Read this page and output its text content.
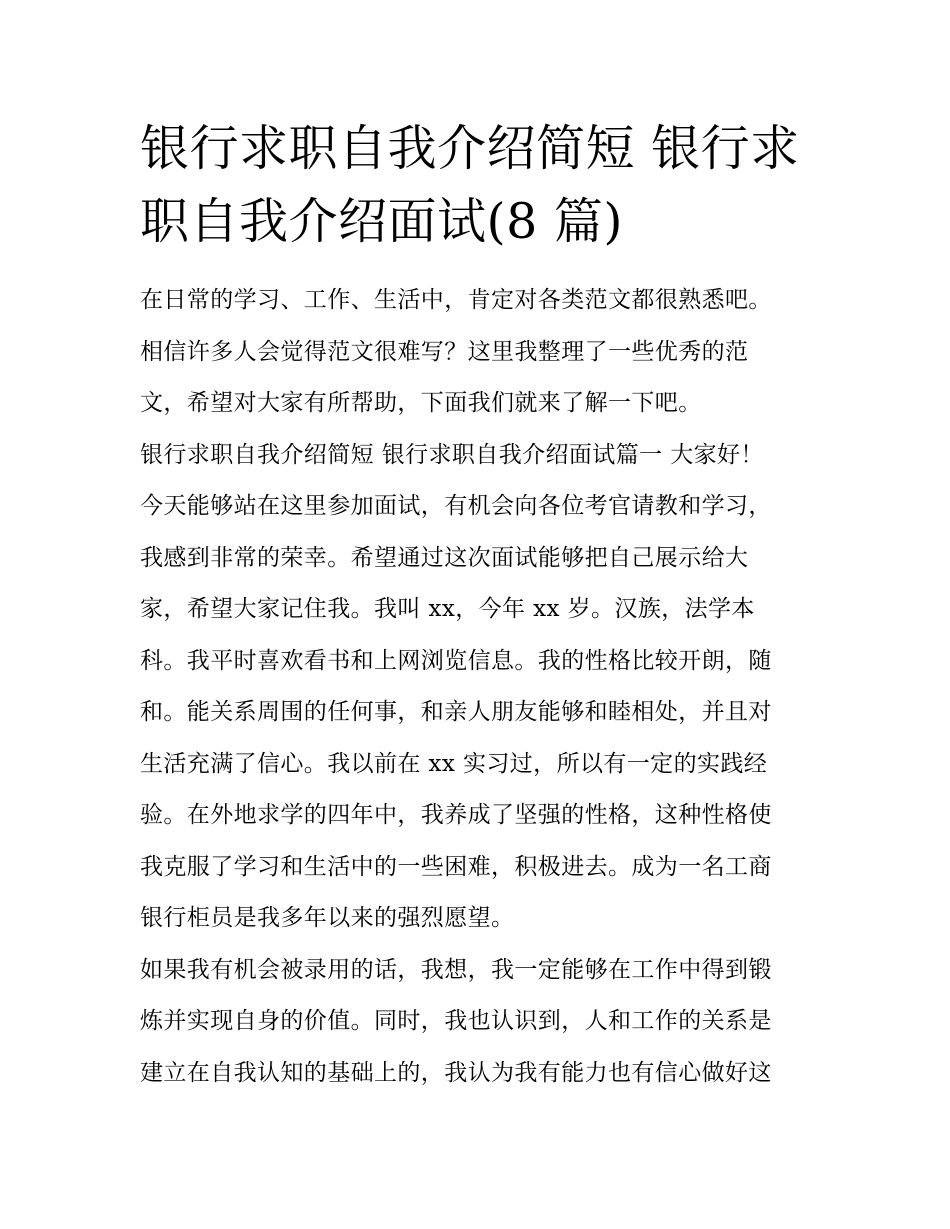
银行求职自我介绍简短 银行求
职自我介绍面试(8 篇)
在日常的学习、工作、生活中，肯定对各类范文都很熟悉吧。
相信许多人会觉得范文很难写？这里我整理了一些优秀的范
文，希望对大家有所帮助，下面我们就来了解一下吧。
银行求职自我介绍简短 银行求职自我介绍面试篇一 大家好！
今天能够站在这里参加面试，有机会向各位考官请教和学习，
我感到非常的荣幸。希望通过这次面试能够把自己展示给大
家，希望大家记住我。我叫 xx，今年 xx 岁。汉族，法学本
科。我平时喜欢看书和上网浏览信息。我的性格比较开朗，随
和。能关系周围的任何事，和亲人朋友能够和睦相处，并且对
生活充满了信心。我以前在 xx 实习过，所以有一定的实践经
验。在外地求学的四年中，我养成了坚强的性格，这种性格使
我克服了学习和生活中的一些困难，积极进去。成为一名工商
银行柜员是我多年以来的强烈愿望。
如果我有机会被录用的话，我想，我一定能够在工作中得到锻
炼并实现自身的价值。同时，我也认识到，人和工作的关系是
建立在自我认知的基础上的，我认为我有能力也有信心做好这
